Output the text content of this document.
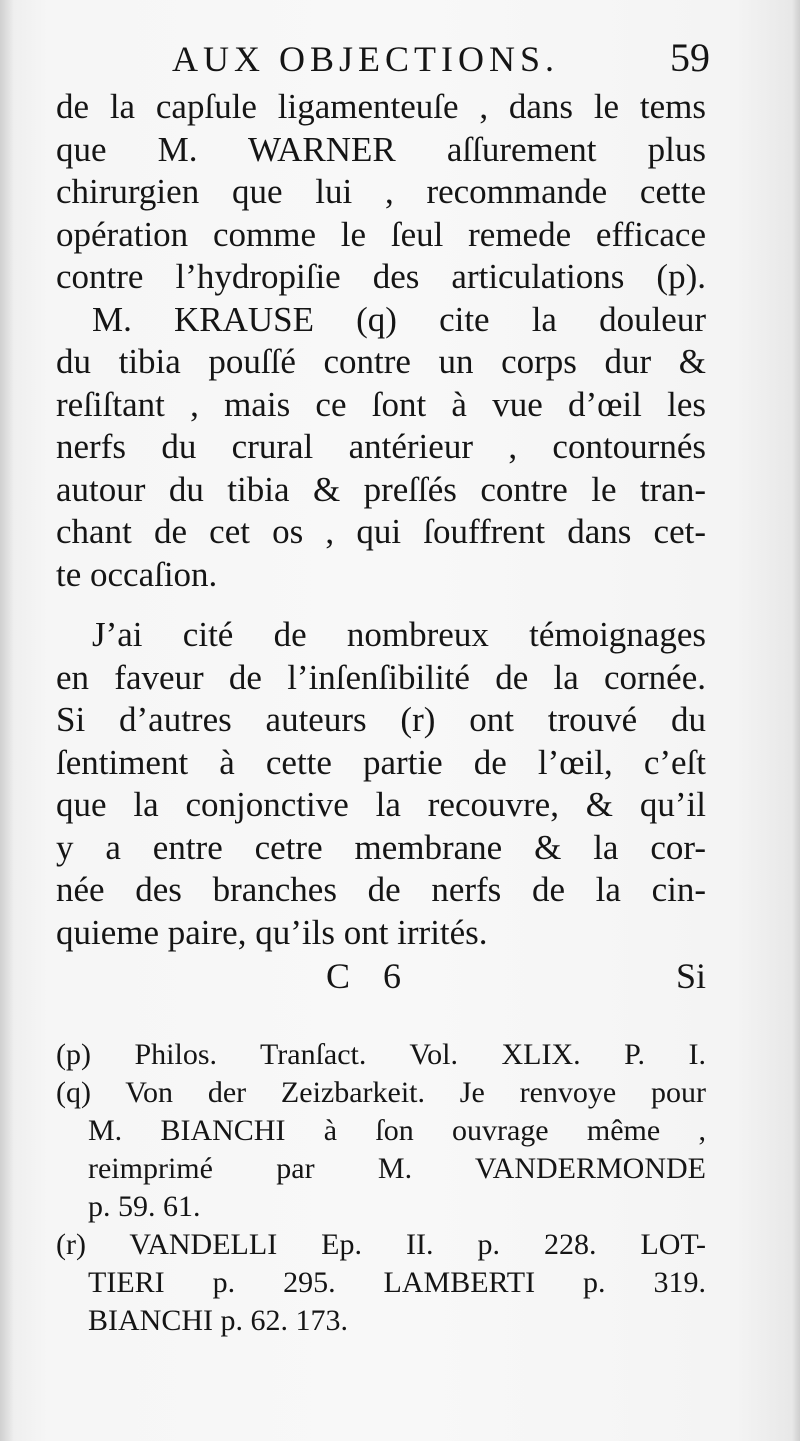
AUX OBJECTIONS.	59
de la capſule ligamenteuſe , dans le tems
que M. WARNER aſſurement plus
chirurgien que lui , recommande cette
opération comme le ſeul remede efficace
contre l’hydropiſie des articulations (p).
M. KRAUSE (q) cite la douleur
du tibia pouſſé contre un corps dur &
reſiſtant , mais ce ſont à vue d’œil les
nerfs du crural antérieur , contournés
autour du tibia & preſſés contre le tran-
chant de cet os , qui ſouffrent dans cet-
te occaſion.
J’ai cité de nombreux témoignages
en faveur de l’inſenſibilité de la cornée.
Si d’autres auteurs (r) ont trouvé du
ſentiment à cette partie de l’œil, c’eſt
que la conjonctive la recouvre, & qu’il
y a entre cetre membrane & la cor-
née des branches de nerfs de la cin-
quieme paire, qu’ils ont irrités.
C 6	Si
(p) Philos. Tranſact. Vol. XLIX. P. I.
(q) Von der Zeizbarkeit. Je renvoye pour
M. BIANCHI à ſon ouvrage même ,
reimprimé par M. VANDERMONDE
p. 59. 61.
(r) VANDELLI Ep. II. p. 228. LOT-
TIERI p. 295. LAMBERTI p. 319.
BIANCHI p. 62. 173.
